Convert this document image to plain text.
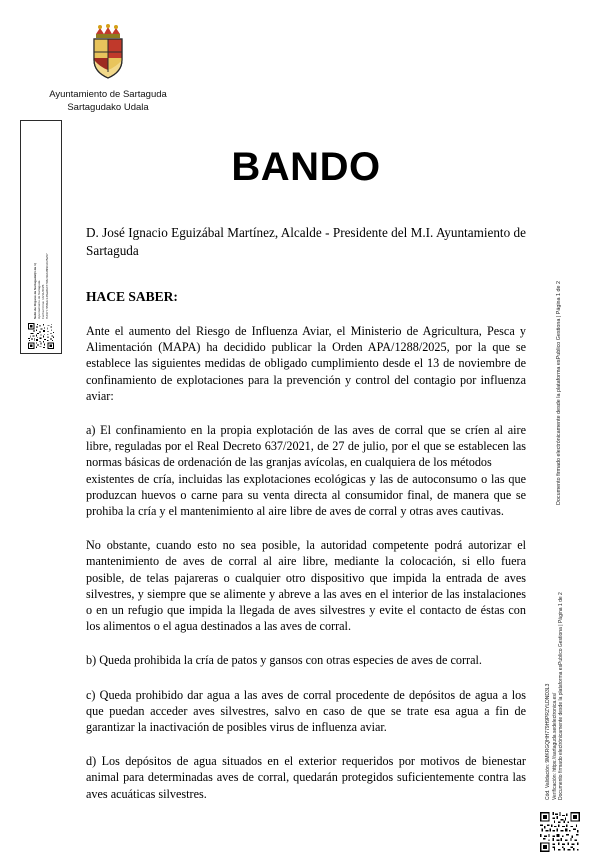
Ayuntamiento de Sartaguda
Sartagudako Udala
Sello de Organo de Sartaguda/(1 de 1) Ayuntamiento de Sartaguda Fecha Firma: 14/11/2025 HASH: 55f6dc14fba8b477b5c3b2d8f90c025e57	Documento firmado electrónicamente desde la plataforma esPublico Gestiona | Página 1 de 2
Cód. Validación: 9MKRGQHH779H9PRZYLDND3L3 Verificación: https://sartaguda.sedelectronica.es/ Documento firmado electrónicamente desde la plataforma esPublico Gestiona | Página 1 de 2
BANDO
D. José Ignacio Eguizábal Martínez, Alcalde - Presidente del M.I. Ayuntamiento de Sartaguda
HACE SABER:
Ante el aumento del Riesgo de Influenza Aviar, el Ministerio de Agricultura, Pesca y Alimentación (MAPA) ha decidido publicar la Orden APA/1288/2025, por la que se establece las siguientes medidas de obligado cumplimiento desde el 13 de noviembre de confinamiento de explotaciones para la prevención y control del contagio por influenza aviar:
a) El confinamiento en la propia explotación de las aves de corral que se críen al aire libre, reguladas por el Real Decreto 637/2021, de 27 de julio, por el que se establecen las normas básicas de ordenación de las granjas avícolas, en cualquiera de los métodos
existentes de cría, incluidas las explotaciones ecológicas y las de autoconsumo o las que produzcan huevos o carne para su venta directa al consumidor final, de manera que se prohiba la cría y el mantenimiento al aire libre de aves de corral y otras aves cautivas.
No obstante, cuando esto no sea posible, la autoridad competente podrá autorizar el mantenimiento de aves de corral al aire libre, mediante la colocación, si ello fuera posible, de telas pajareras o cualquier otro dispositivo que impida la entrada de aves silvestres, y siempre que se alimente y abreve a las aves en el interior de las instalaciones o en un refugio que impida la llegada de aves silvestres y evite el contacto de éstas con los alimentos o el agua destinados a las aves de corral.
b) Queda prohibida la cría de patos y gansos con otras especies de aves de corral.
c) Queda prohibido dar agua a las aves de corral procedente de depósitos de agua a los que puedan acceder aves silvestres, salvo en caso de que se trate esa agua a fin de garantizar la inactivación de posibles virus de influenza aviar.
d) Los depósitos de agua situados en el exterior requeridos por motivos de bienestar animal para determinadas aves de corral, quedarán protegidos suficientemente contra las aves acuáticas silvestres.
